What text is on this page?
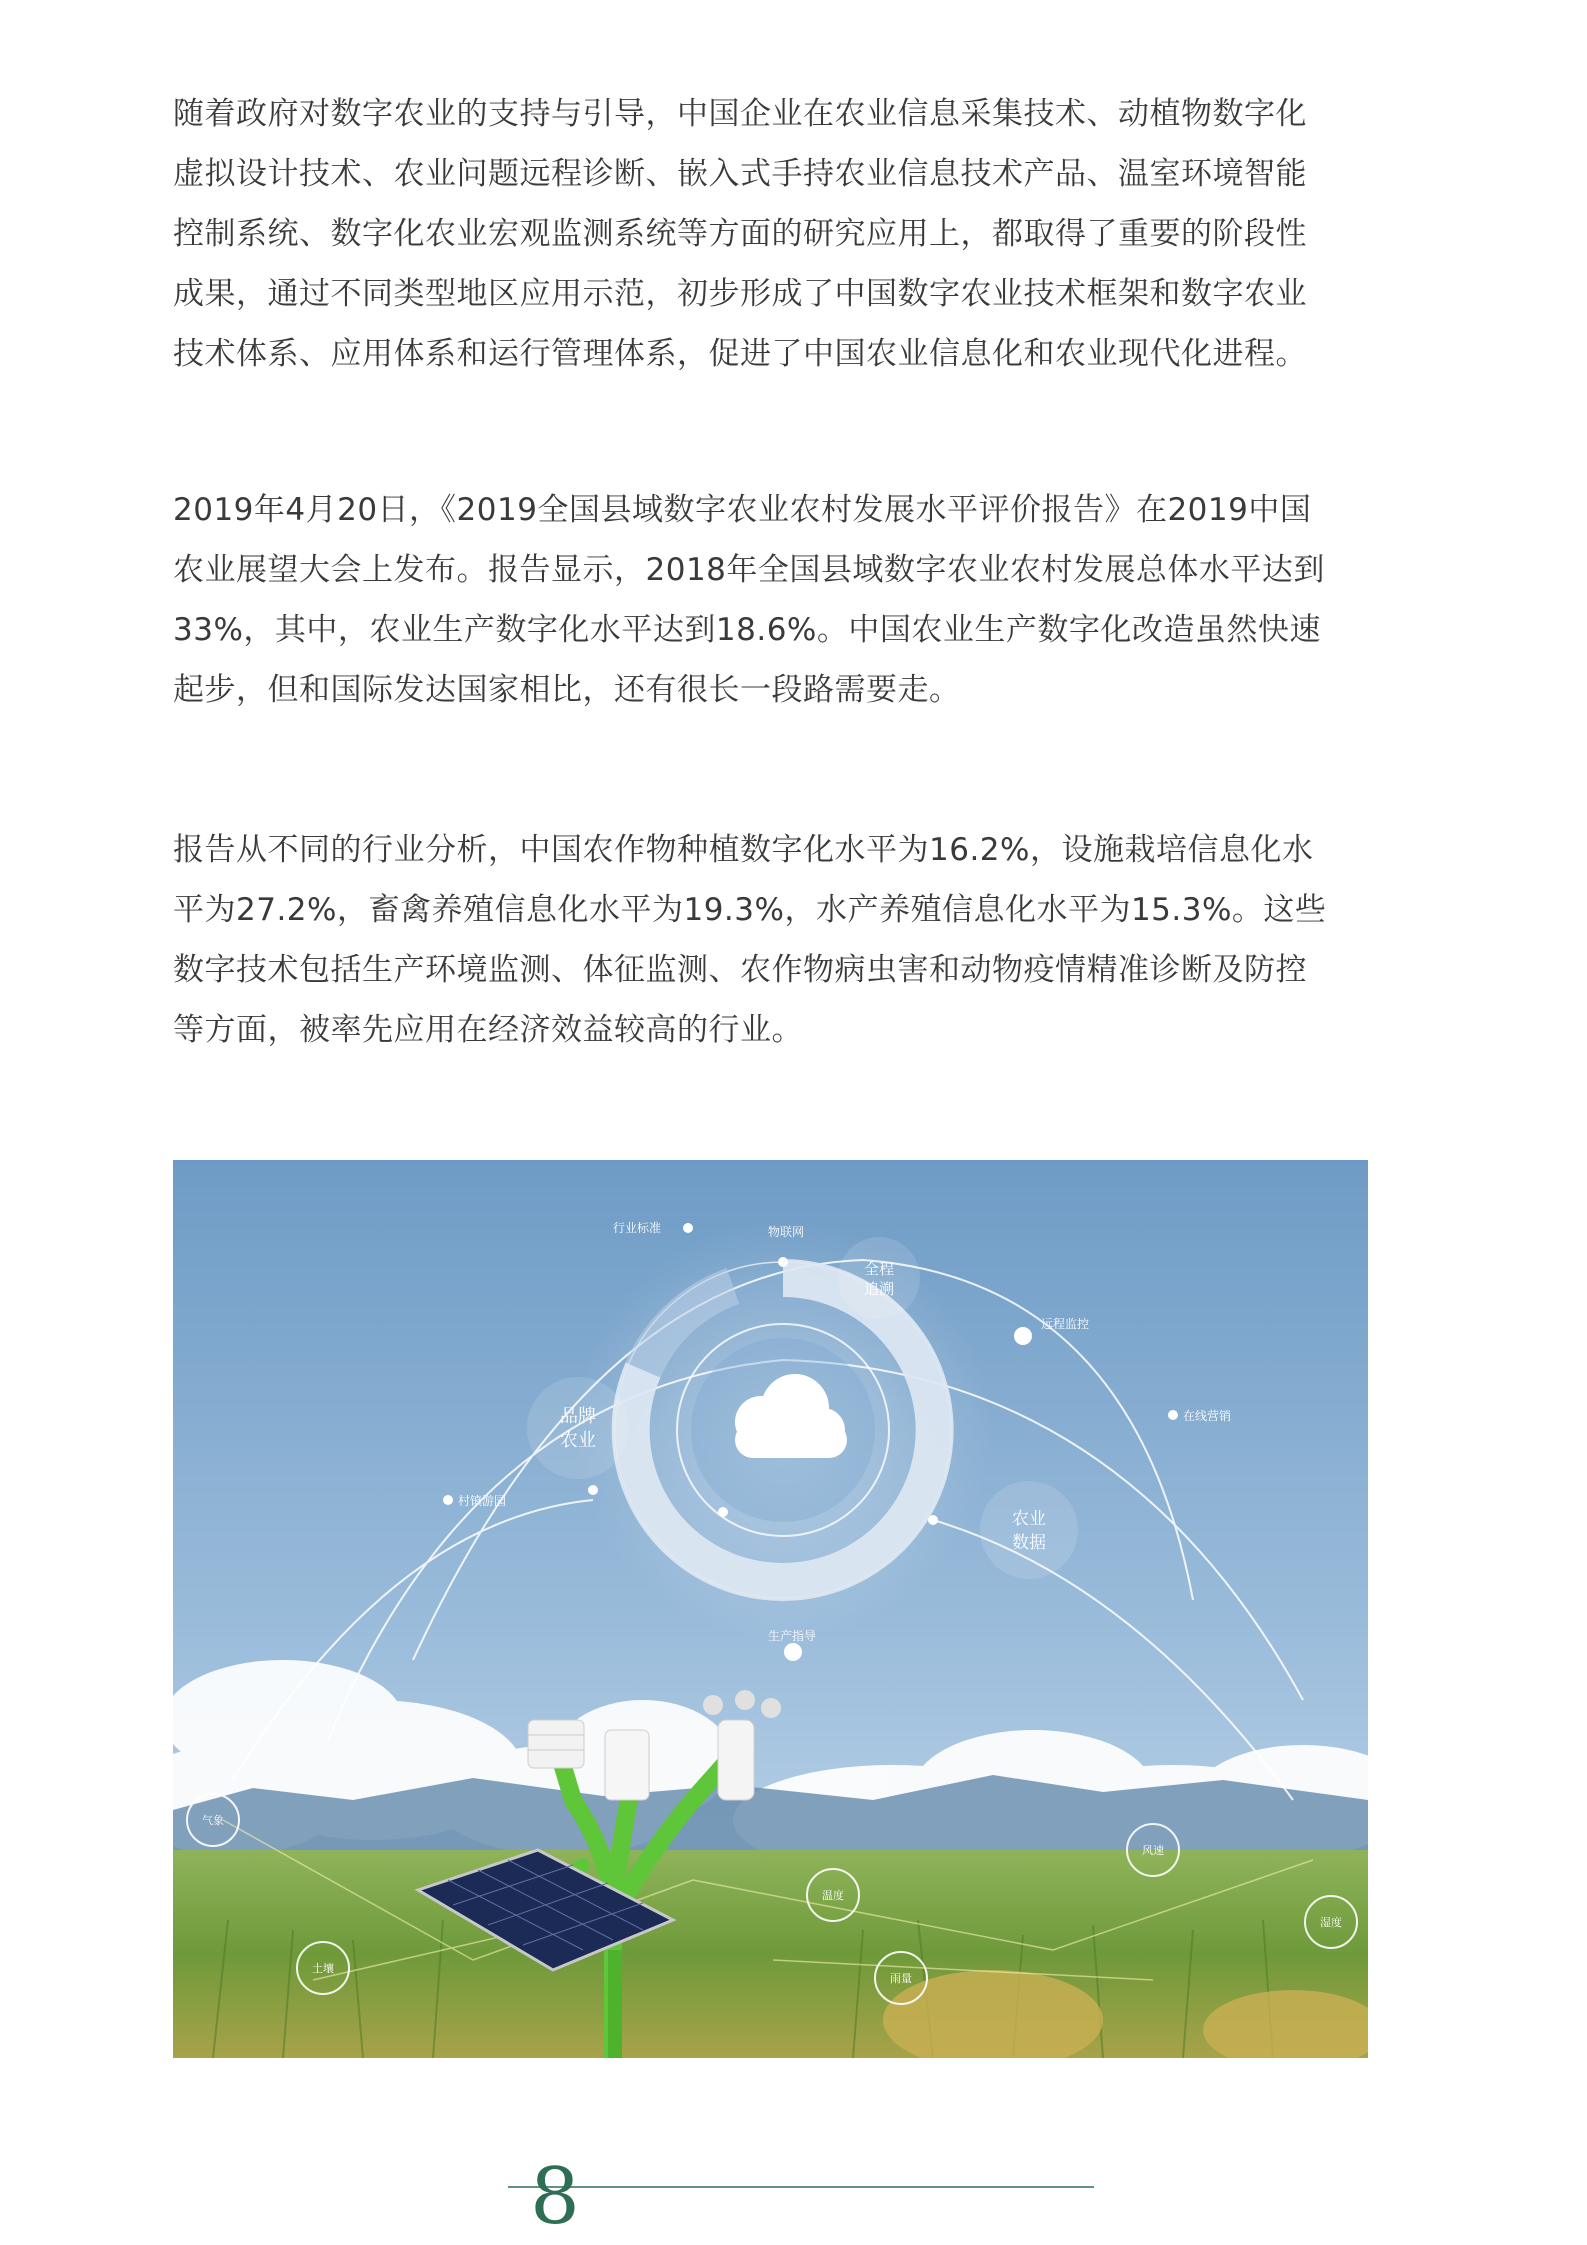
随着政府对数字农业的支持与引导，中国企业在农业信息采集技术、动植物数字化
虚拟设计技术、农业问题远程诊断、嵌入式手持农业信息技术产品、温室环境智能
控制系统、数字化农业宏观监测系统等方面的研究应用上，都取得了重要的阶段性
成果，通过不同类型地区应用示范，初步形成了中国数字农业技术框架和数字农业
技术体系、应用体系和运行管理体系，促进了中国农业信息化和农业现代化进程。

2019年4月20日，《2019全国县域数字农业农村发展水平评价报告》在2019中国
农业展望大会上发布。报告显示，2018年全国县域数字农业农村发展总体水平达到
33%，其中，农业生产数字化水平达到18.6%。中国农业生产数字化改造虽然快速
起步，但和国际发达国家相比，还有很长一段路需要走。

报告从不同的行业分析，中国农作物种植数字化水平为16.2%，设施栽培信息化水
平为27.2%，畜禽养殖信息化水平为19.3%，水产养殖信息化水平为15.3%。这些
数字技术包括生产环境监测、体征监测、农作物病虫害和动物疫情精准诊断及防控
等方面，被率先应用在经济效益较高的行业。

品牌
农业
全程
追溯
农业
数据
行业标准	物联网
远程监控
在线营销
村镇游园
生产指导
气象
土壤
温度
雨量
风速
湿度
8
